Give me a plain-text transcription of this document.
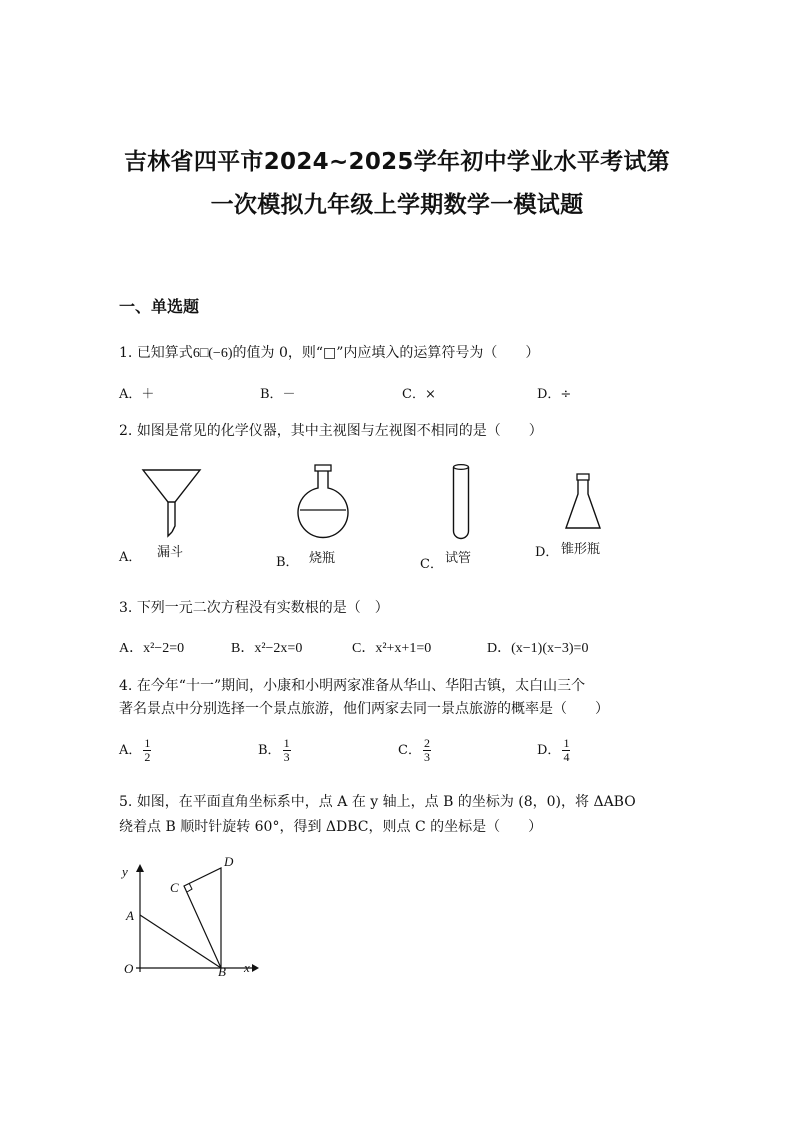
吉林省四平市2024~2025学年初中学业水平考试第
一次模拟九年级上学期数学一模试题
一、单选题
1. 已知算式6□(−6)的值为 0，则“□”内应填入的运算符号为（　　）
A．＋	B．－	C．×	D．÷
2. 如图是常见的化学仪器，其中主视图与左视图不相同的是（　　）
A． 漏斗
B． 烧瓶	C． 试管	D． 锥形瓶
3. 下列一元二次方程没有实数根的是（　）
A．x²−2=0	B．x²−2x=0	C．x²+x+1=0	D．(x−1)(x−3)=0
4. 在今年“十一”期间，小康和小明两家准备从华山、华阳古镇，太白山三个
著名景点中分别选择一个景点旅游，他们两家去同一景点旅游的概率是（　　）
A． $\frac{1}{2}$	B． $\frac{1}{3}$	C． $\frac{2}{3}$	D． $\frac{1}{4}$
5. 如图，在平面直角坐标系中，点 A 在 y 轴上，点 B 的坐标为 (8，0)，将 ΔABO
绕着点 B 顺时针旋转 60°，得到 ΔDBC，则点 C 的坐标是（　　）
y
D
C
A
O	B x
